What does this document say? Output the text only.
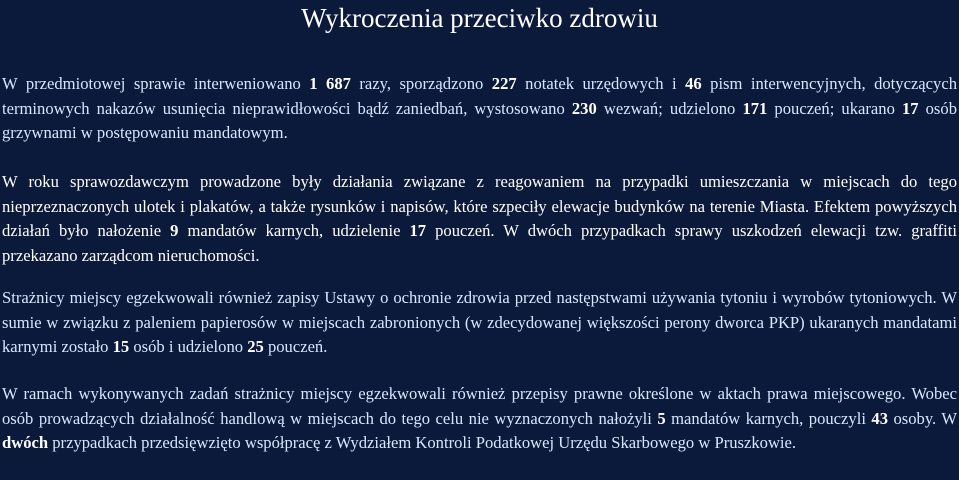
Wykroczenia przeciwko zdrowiu

W przedmiotowej sprawie interweniowano 1 687 razy, sporządzono 227 notatek urzędowych i 46 pism interwencyjnych, dotyczących terminowych nakazów usunięcia nieprawidłowości bądź zaniedbań, wystosowano 230 wezwań; udzielono 171 pouczeń; ukarano 17 osób grzywnami w postępowaniu mandatowym.

W roku sprawozdawczym prowadzone były działania związane z reagowaniem na przypadki umieszczania w miejscach do tego nieprzeznaczonych ulotek i plakatów, a także rysunków i napisów, które szpeciły elewacje budynków na terenie Miasta. Efektem powyższych działań było nałożenie 9 mandatów karnych, udzielenie 17 pouczeń. W dwóch przypadkach sprawy uszkodzeń elewacji tzw. graffiti przekazano zarządcom nieruchomości.

Strażnicy miejscy egzekwowali również zapisy Ustawy o ochronie zdrowia przed następstwami używania tytoniu i wyrobów tytoniowych. W sumie w związku z paleniem papierosów w miejscach zabronionych (w zdecydowanej większości perony dworca PKP) ukaranych mandatami karnymi zostało 15 osób i udzielono 25 pouczeń.

W ramach wykonywanych zadań strażnicy miejscy egzekwowali również przepisy prawne określone w aktach prawa miejscowego. Wobec osób prowadzących działalność handlową w miejscach do tego celu nie wyznaczonych nałożyli 5 mandatów karnych, pouczyli 43 osoby. W dwóch przypadkach przedsięwzięto współpracę z Wydziałem Kontroli Podatkowej Urzędu Skarbowego w Pruszkowie.
